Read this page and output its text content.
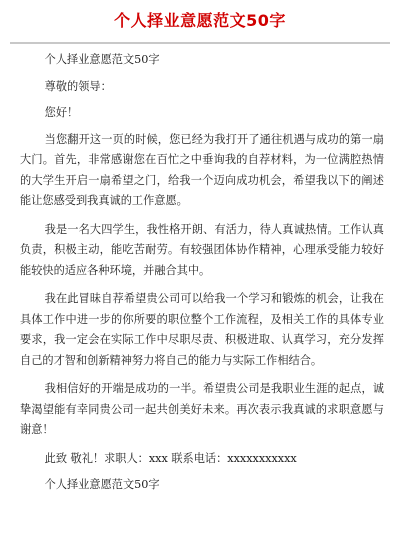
个人择业意愿范文50字

个人择业意愿范文50字

尊敬的领导：

您好！

当您翻开这一页的时候，您已经为我打开了通往机遇与成功的第一扇大门。首先，非常感谢您在百忙之中垂询我的自荐材料，为一位满腔热情的大学生开启一扇希望之门，给我一个迈向成功机会，希望我以下的阐述能让您感受到我真诚的工作意愿。

我是一名大四学生，我性格开朗、有活力，待人真诚热情。工作认真负责，积极主动，能吃苦耐劳。有较强团体协作精神，心理承受能力较好能较快的适应各种环境，并融合其中。

我在此冒昧自荐希望贵公司可以给我一个学习和锻炼的机会，让我在具体工作中进一步的你所要的职位整个工作流程，及相关工作的具体专业要求，我一定会在实际工作中尽职尽责、积极进取、认真学习，充分发挥自己的才智和创新精神努力将自己的能力与实际工作相结合。

我相信好的开端是成功的一半。希望贵公司是我职业生涯的起点，诚挚渴望能有幸同贵公司一起共创美好未来。再次表示我真诚的求职意愿与谢意！

此致 敬礼！求职人：xxx 联系电话：xxxxxxxxxxx

个人择业意愿范文50字
